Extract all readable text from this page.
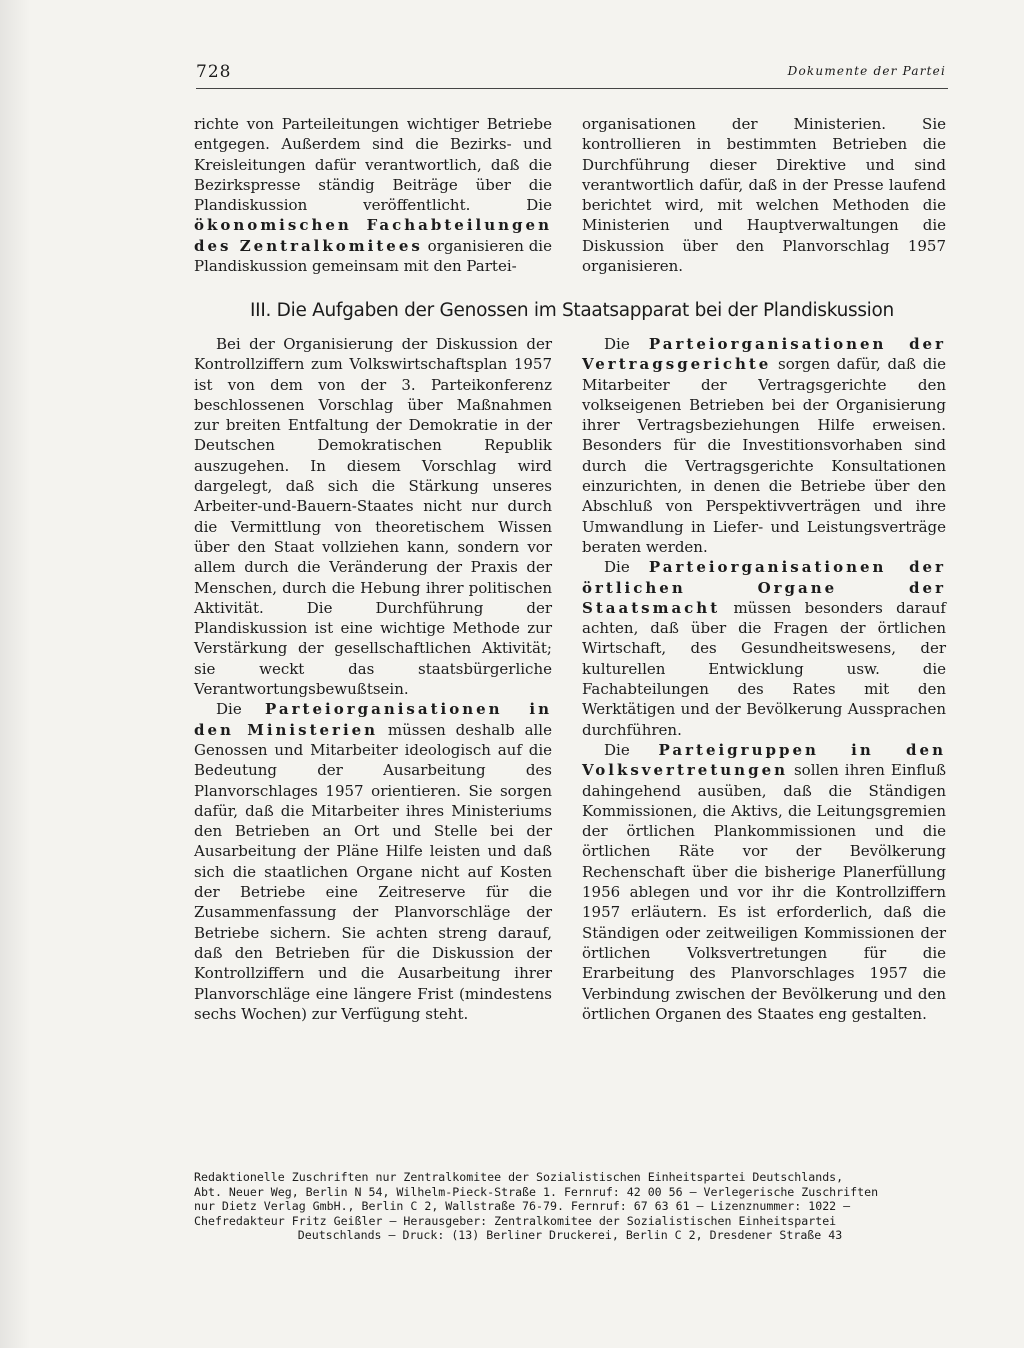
728	Dokumente der Partei

richte von Parteileitungen wichtiger Betriebe entgegen. Außerdem sind die Bezirks- und Kreisleitungen dafür verantwortlich, daß die Bezirkspresse ständig Beiträge über die Plandiskussion veröffentlicht. Die ökonomischen Fachabteilungen des Zentralkomitees organisieren die Plandiskussion gemeinsam mit den Partei-

organisationen der Ministerien. Sie kontrollieren in bestimmten Betrieben die Durchführung dieser Direktive und sind verantwortlich dafür, daß in der Presse laufend berichtet wird, mit welchen Methoden die Ministerien und Hauptverwaltungen die Diskussion über den Planvorschlag 1957 organisieren.

III. Die Aufgaben der Genossen im Staatsapparat bei der Plandiskussion

Bei der Organisierung der Diskussion der Kontrollziffern zum Volkswirtschaftsplan 1957 ist von dem von der 3. Parteikonferenz beschlossenen Vorschlag über Maßnahmen zur breiten Entfaltung der Demokratie in der Deutschen Demokratischen Republik auszugehen. In diesem Vorschlag wird dargelegt, daß sich die Stärkung unseres Arbeiter-und-Bauern-Staates nicht nur durch die Vermittlung von theoretischem Wissen über den Staat vollziehen kann, sondern vor allem durch die Veränderung der Praxis der Menschen, durch die Hebung ihrer politischen Aktivität. Die Durchführung der Plandiskussion ist eine wichtige Methode zur Verstärkung der gesellschaftlichen Aktivität; sie weckt das staatsbürgerliche Verantwortungsbewußtsein.

Die Parteiorganisationen in den Ministerien müssen deshalb alle Genossen und Mitarbeiter ideologisch auf die Bedeutung der Ausarbeitung des Planvorschlages 1957 orientieren. Sie sorgen dafür, daß die Mitarbeiter ihres Ministeriums den Betrieben an Ort und Stelle bei der Ausarbeitung der Pläne Hilfe leisten und daß sich die staatlichen Organe nicht auf Kosten der Betriebe eine Zeitreserve für die Zusammenfassung der Planvorschläge der Betriebe sichern. Sie achten streng darauf, daß den Betrieben für die Diskussion der Kontrollziffern und die Ausarbeitung ihrer Planvorschläge eine längere Frist (mindestens sechs Wochen) zur Verfügung steht.

Die Parteiorganisationen der Vertragsgerichte sorgen dafür, daß die Mitarbeiter der Vertragsgerichte den volkseigenen Betrieben bei der Organisierung ihrer Vertragsbeziehungen Hilfe erweisen. Besonders für die Investitionsvorhaben sind durch die Vertragsgerichte Konsultationen einzurichten, in denen die Betriebe über den Abschluß von Perspektivverträgen und ihre Umwandlung in Liefer- und Leistungsverträge beraten werden.

Die Parteiorganisationen der örtlichen Organe der Staatsmacht müssen besonders darauf achten, daß über die Fragen der örtlichen Wirtschaft, des Gesundheitswesens, der kulturellen Entwicklung usw. die Fachabteilungen des Rates mit den Werktätigen und der Bevölkerung Aussprachen durchführen.

Die Parteigruppen in den Volksvertretungen sollen ihren Einfluß dahingehend ausüben, daß die Ständigen Kommissionen, die Aktivs, die Leitungsgremien der örtlichen Plankommissionen und die örtlichen Räte vor der Bevölkerung Rechenschaft über die bisherige Planerfüllung 1956 ablegen und vor ihr die Kontrollziffern 1957 erläutern. Es ist erforderlich, daß die Ständigen oder zeitweiligen Kommissionen der örtlichen Volksvertretungen für die Erarbeitung des Planvorschlages 1957 die Verbindung zwischen der Bevölkerung und den örtlichen Organen des Staates eng gestalten.

Redaktionelle Zuschriften nur Zentralkomitee der Sozialistischen Einheitspartei Deutschlands,
Abt. Neuer Weg, Berlin N 54, Wilhelm-Pieck-Straße 1. Fernruf: 42 00 56 — Verlegerische Zuschriften
nur Dietz Verlag GmbH., Berlin C 2, Wallstraße 76-79. Fernruf: 67 63 61 — Lizenznummer: 1022 —
Chefredakteur Fritz Geißler — Herausgeber: Zentralkomitee der Sozialistischen Einheitspartei
Deutschlands — Druck: (13) Berliner Druckerei, Berlin C 2, Dresdener Straße 43
